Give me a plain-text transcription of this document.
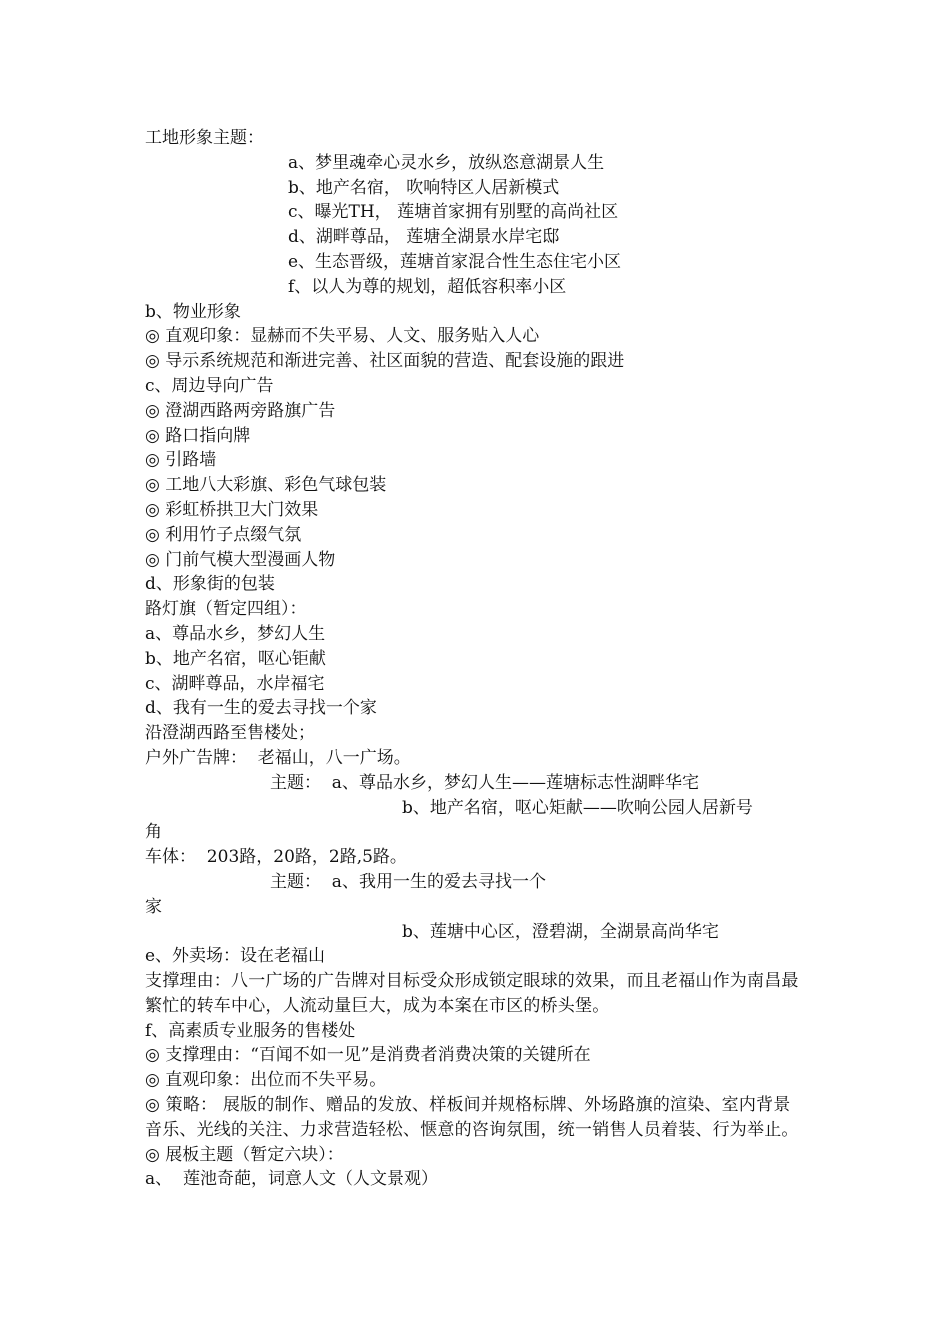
工地形象主题：
a、梦里魂牵心灵水乡，放纵恣意湖景人生
b、地产名宿， 吹响特区人居新模式
c、曝光TH， 莲塘首家拥有别墅的高尚社区
d、湖畔尊品， 莲塘全湖景水岸宅邸
e、生态晋级，莲塘首家混合性生态住宅小区
f、以人为尊的规划，超低容积率小区
b、物业形象
◎ 直观印象：显赫而不失平易、人文、服务贴入人心
◎ 导示系统规范和渐进完善、社区面貌的营造、配套设施的跟进
c、周边导向广告
◎ 澄湖西路两旁路旗广告
◎ 路口指向牌
◎ 引路墙
◎ 工地八大彩旗、彩色气球包装
◎ 彩虹桥拱卫大门效果
◎ 利用竹子点缀气氛
◎ 门前气模大型漫画人物
d、形象街的包装
路灯旗（暂定四组）：
a、尊品水乡，梦幻人生
b、地产名宿，呕心钜献
c、湖畔尊品，水岸福宅
d、我有一生的爱去寻找一个家
沿澄湖西路至售楼处；
户外广告牌：  老福山，八一广场。
主题：  a、尊品水乡，梦幻人生——莲塘标志性湖畔华宅
b、地产名宿，呕心矩献——吹响公园人居新号
角
车体：  203路，20路，2路,5路。
主题：  a、我用一生的爱去寻找一个
家
b、莲塘中心区，澄碧湖，全湖景高尚华宅
e、外卖场：设在老福山
支撑理由：八一广场的广告牌对目标受众形成锁定眼球的效果，而且老福山作为南昌最繁忙的转车中心，人流动量巨大，成为本案在市区的桥头堡。
f、高素质专业服务的售楼处
◎ 支撑理由：“百闻不如一见”是消费者消费决策的关键所在
◎ 直观印象：出位而不失平易。
◎ 策略： 展版的制作、赠品的发放、样板间并规格标牌、外场路旗的渲染、室内背景音乐、光线的关注、力求营造轻松、惬意的咨询氛围，统一销售人员着装、行为举止。
◎ 展板主题（暂定六块）：
a、  莲池奇葩，词意人文（人文景观）
